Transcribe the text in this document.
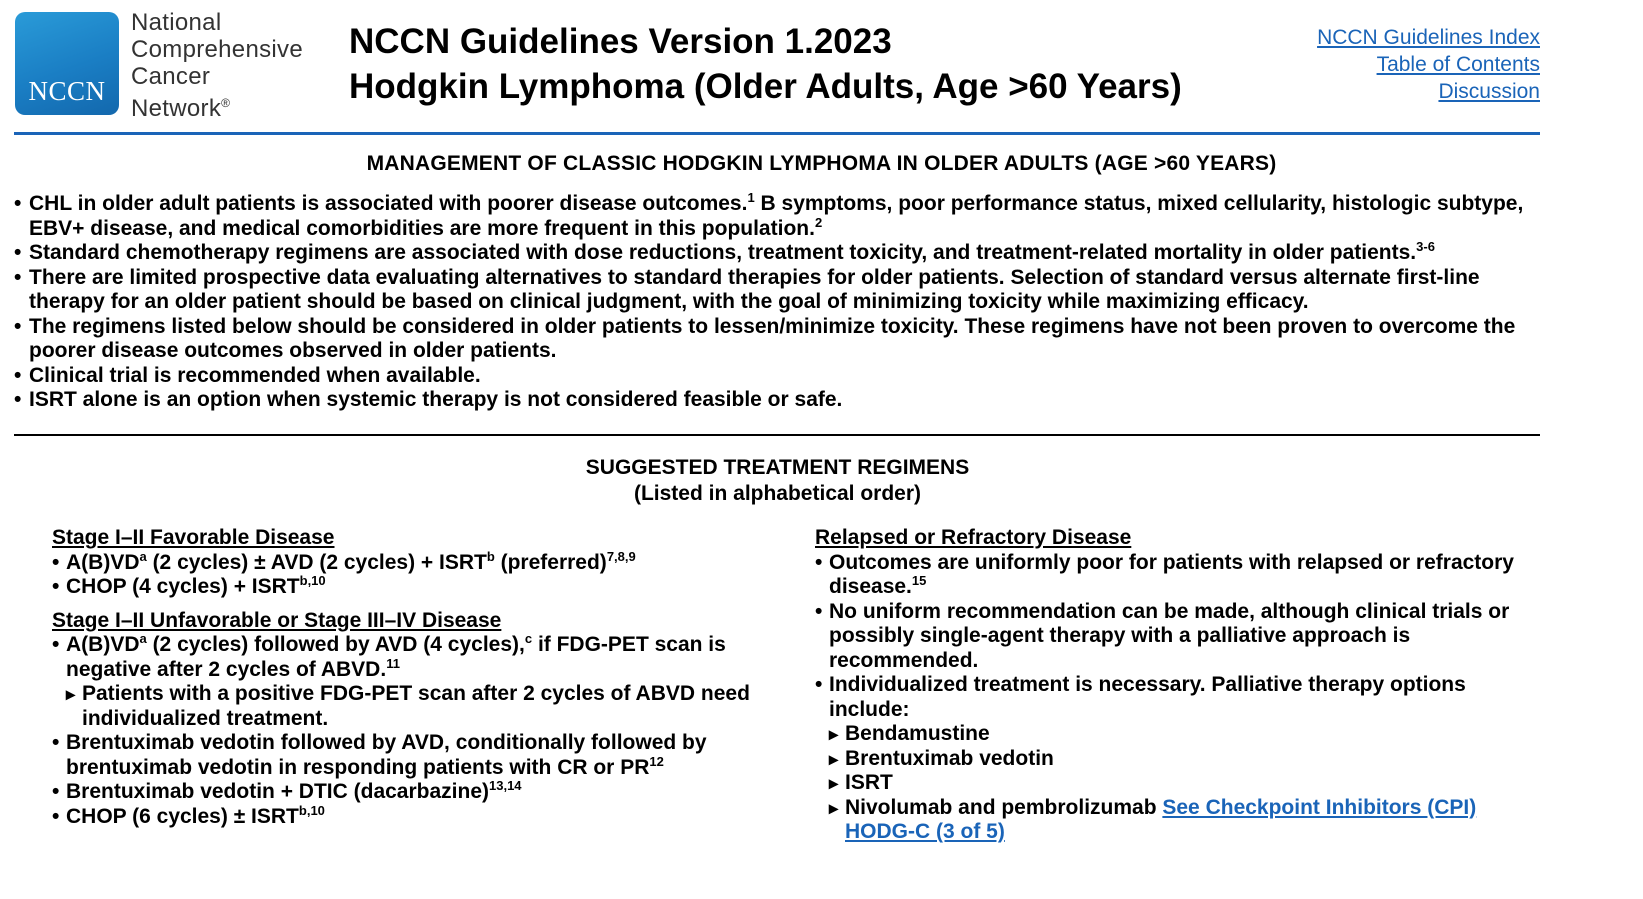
NCCN
National
Comprehensive
Cancer
Network®
NCCN Guidelines Version 1.2023
Hodgkin Lymphoma (Older Adults, Age >60 Years)
NCCN Guidelines Index
Table of Contents
Discussion
MANAGEMENT OF CLASSIC HODGKIN LYMPHOMA IN OLDER ADULTS (AGE >60 YEARS)
• CHL in older adult patients is associated with poorer disease outcomes.$^1$ B symptoms, poor performance status, mixed cellularity, histologic subtype, EBV+ disease, and medical comorbidities are more frequent in this population.$^2$
• Standard chemotherapy regimens are associated with dose reductions, treatment toxicity, and treatment-related mortality in older patients.$^{3-6}$
• There are limited prospective data evaluating alternatives to standard therapies for older patients. Selection of standard versus alternate first-line therapy for an older patient should be based on clinical judgment, with the goal of minimizing toxicity while maximizing efficacy.
• The regimens listed below should be considered in older patients to lessen/minimize toxicity. These regimens have not been proven to overcome the poorer disease outcomes observed in older patients.
• Clinical trial is recommended when available.
• ISRT alone is an option when systemic therapy is not considered feasible or safe.
SUGGESTED TREATMENT REGIMENS
(Listed in alphabetical order)
Stage I–II Favorable Disease
• $A(B)VD^a$ (2 cycles) ± AVD (2 cycles) + $ISRT^b$ (preferred)$^{7,8,9}$
• CHOP (4 cycles) + ISRT$^{b,10}$
Stage I–II Unfavorable or Stage III–IV Disease
• $A(B)VD^a$ (2 cycles) followed by AVD (4 cycles),$^c$ if FDG-PET scan is negative after 2 cycles of ABVD.$^{11}$
▸ Patients with a positive FDG-PET scan after 2 cycles of ABVD need individualized treatment.
• Brentuximab vedotin followed by AVD, conditionally followed by brentuximab vedotin in responding patients with CR or PR$^{12}$
• Brentuximab vedotin + DTIC (dacarbazine)$^{13,14}$
• CHOP (6 cycles) ± ISRT$^{b,10}$
Relapsed or Refractory Disease
• Outcomes are uniformly poor for patients with relapsed or refractory disease.$^{15}$
• No uniform recommendation can be made, although clinical trials or possibly single-agent therapy with a palliative approach is recommended.
• Individualized treatment is necessary. Palliative therapy options include:
▸ Bendamustine
▸ Brentuximab vedotin
▸ ISRT
▸ Nivolumab and pembrolizumab See Checkpoint Inhibitors (CPI) HODG-C (3 of 5)
